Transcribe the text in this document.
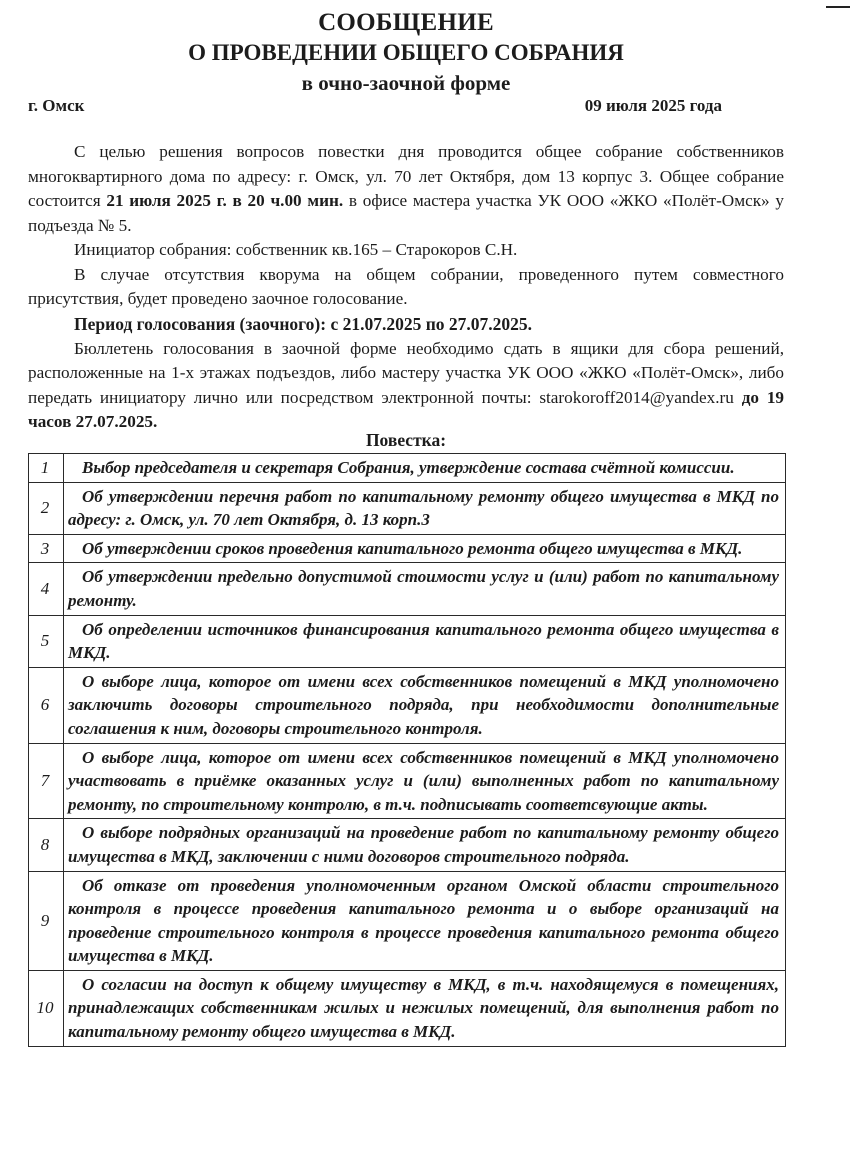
СООБЩЕНИЕ
О ПРОВЕДЕНИИ ОБЩЕГО СОБРАНИЯ
в очно-заочной форме
г. Омск	09 июля 2025 года

С целью решения вопросов повестки дня проводится общее собрание собственников многоквартирного дома по адресу: г. Омск, ул. 70 лет Октября, дом 13 корпус 3. Общее собрание состоится 21 июля 2025 г. в 20 ч.00 мин. в офисе мастера участка УК ООО «ЖКО «Полёт-Омск» у подъезда № 5.

Инициатор собрания: собственник кв.165 – Старокоров С.Н.

В случае отсутствия кворума на общем собрании, проведенного путем совместного присутствия, будет проведено заочное голосование.

Период голосования (заочного): с 21.07.2025 по 27.07.2025.

Бюллетень голосования в заочной форме необходимо сдать в ящики для сбора решений, расположенные на 1-х этажах подъездов, либо мастеру участка УК ООО «ЖКО «Полёт-Омск», либо передать инициатору лично или посредством электронной почты: starokoroff2014@yandex.ru до 19 часов 27.07.2025.

Повестка:
1	Выбор председателя и секретаря Собрания, утверждение состава счётной комиссии.
2	Об утверждении перечня работ по капитальному ремонту общего имущества в МКД по адресу: г. Омск, ул. 70 лет Октября, д. 13 корп.3
3	Об утверждении сроков проведения капитального ремонта общего имущества в МКД.
4	Об утверждении предельно допустимой стоимости услуг и (или) работ по капитальному ремонту.
5	Об определении источников финансирования капитального ремонта общего имущества в МКД.
6	О выборе лица, которое от имени всех собственников помещений в МКД уполномочено заключить договоры строительного подряда, при необходимости дополнительные соглашения к ним, договоры строительного контроля.
7	О выборе лица, которое от имени всех собственников помещений в МКД уполномочено участвовать в приёмке оказанных услуг и (или) выполненных работ по капитальному ремонту, по строительному контролю, в т.ч. подписывать соответсвующие акты.
8	О выборе подрядных организаций на проведение работ по капитальному ремонту общего имущества в МКД, заключении с ними договоров строительного подряда.
9	Об отказе от проведения уполномоченным органом Омской области строительного контроля в процессе проведения капитального ремонта и о выборе организаций на проведение строительного контроля в процессе проведения капитального ремонта общего имущества в МКД.
10	О согласии на доступ к общему имуществу в МКД, в т.ч. находящемуся в помещениях, принадлежащих собственникам жилых и нежилых помещений, для выполнения работ по капитальному ремонту общего имущества в МКД.
